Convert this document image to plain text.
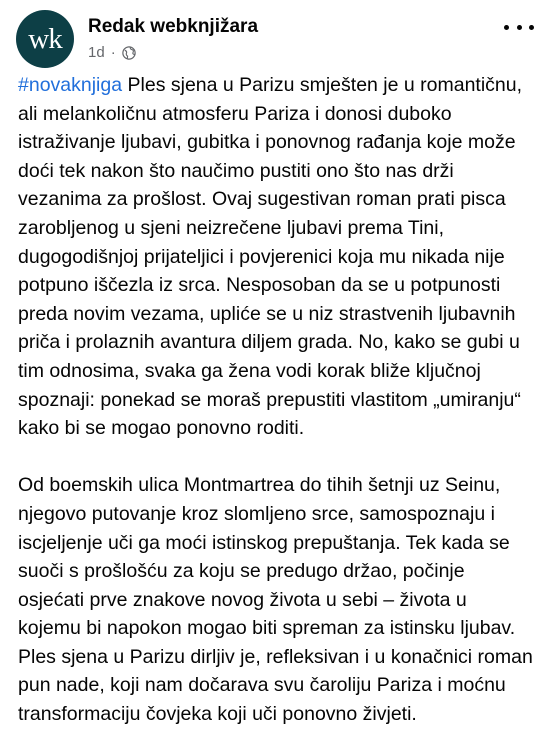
wk Redak webknjižara
1d ·

#novaknjiga Ples sjena u Parizu smješten je u romantičnu, ali melankoličnu atmosferu Pariza i donosi duboko istraživanje ljubavi, gubitka i ponovnog rađanja koje može doći tek nakon što naučimo pustiti ono što nas drži vezanima za prošlost. Ovaj sugestivan roman prati pisca zarobljenog u sjeni neizrečene ljubavi prema Tini, dugogodišnjoj prijateljici i povjerenici koja mu nikada nije potpuno iščezla iz srca. Nesposoban da se u potpunosti preda novim vezama, upliće se u niz strastvenih ljubavnih priča i prolaznih avantura diljem grada. No, kako se gubi u tim odnosima, svaka ga žena vodi korak bliže ključnoj spoznaji: ponekad se moraš prepustiti vlastitom „umiranju“ kako bi se mogao ponovno roditi.

Od boemskih ulica Montmartrea do tihih šetnji uz Seinu, njegovo putovanje kroz slomljeno srce, samospoznaju i iscjeljenje uči ga moći istinskog prepuštanja. Tek kada se suoči s prošlošću za koju se predugo držao, počinje osjećati prve znakove novog života u sebi – života u kojemu bi napokon mogao biti spreman za istinsku ljubav. Ples sjena u Parizu dirljiv je, refleksivan i u konačnici roman pun nade, koji nam dočarava svu čaroliju Pariza i moćnu transformaciju čovjeka koji uči ponovno živjeti.
